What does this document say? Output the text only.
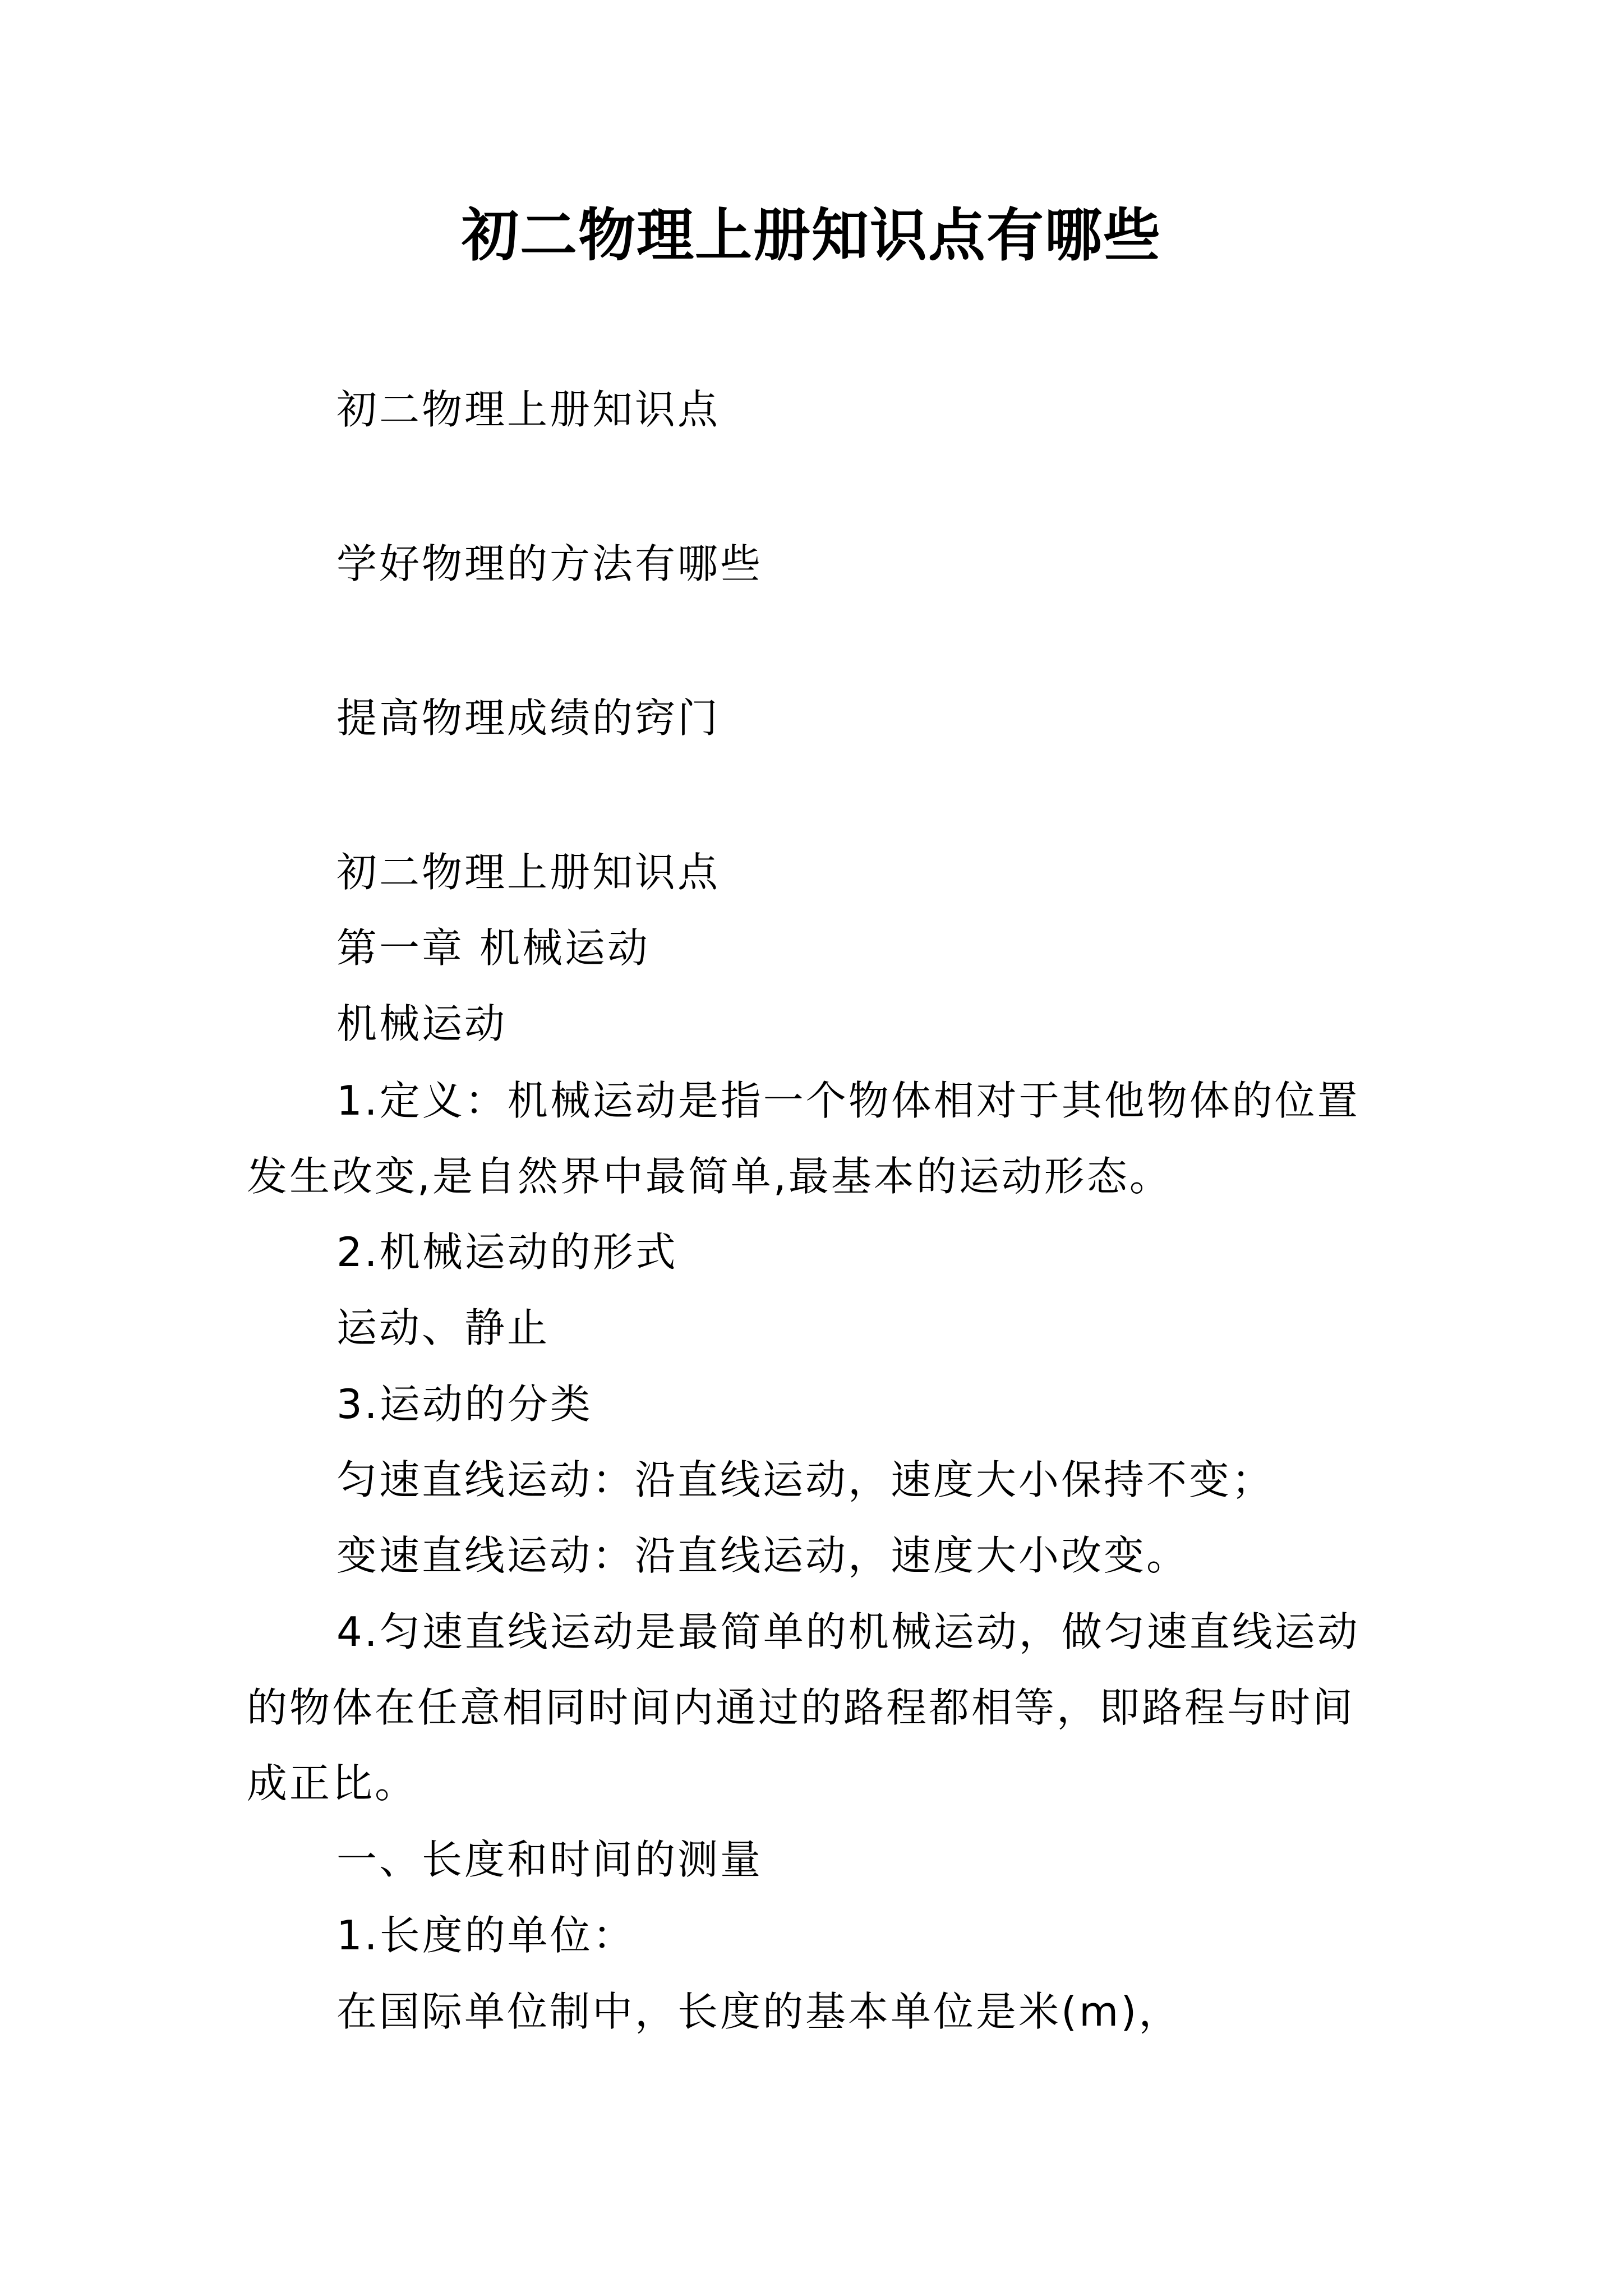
初二物理上册知识点有哪些
初二物理上册知识点
学好物理的方法有哪些
提高物理成绩的窍门
初二物理上册知识点
第一章 机械运动
机械运动
1.定义：机械运动是指一个物体相对于其他物体的位置
发生改变,是自然界中最简单,最基本的运动形态。
2.机械运动的形式
运动、静止
3.运动的分类
匀速直线运动：沿直线运动，速度大小保持不变；
变速直线运动：沿直线运动，速度大小改变。
4.匀速直线运动是最简单的机械运动，做匀速直线运动
的物体在任意相同时间内通过的路程都相等，即路程与时间
成正比。
一、长度和时间的测量
1.长度的单位：
在国际单位制中，长度的基本单位是米(m)，
